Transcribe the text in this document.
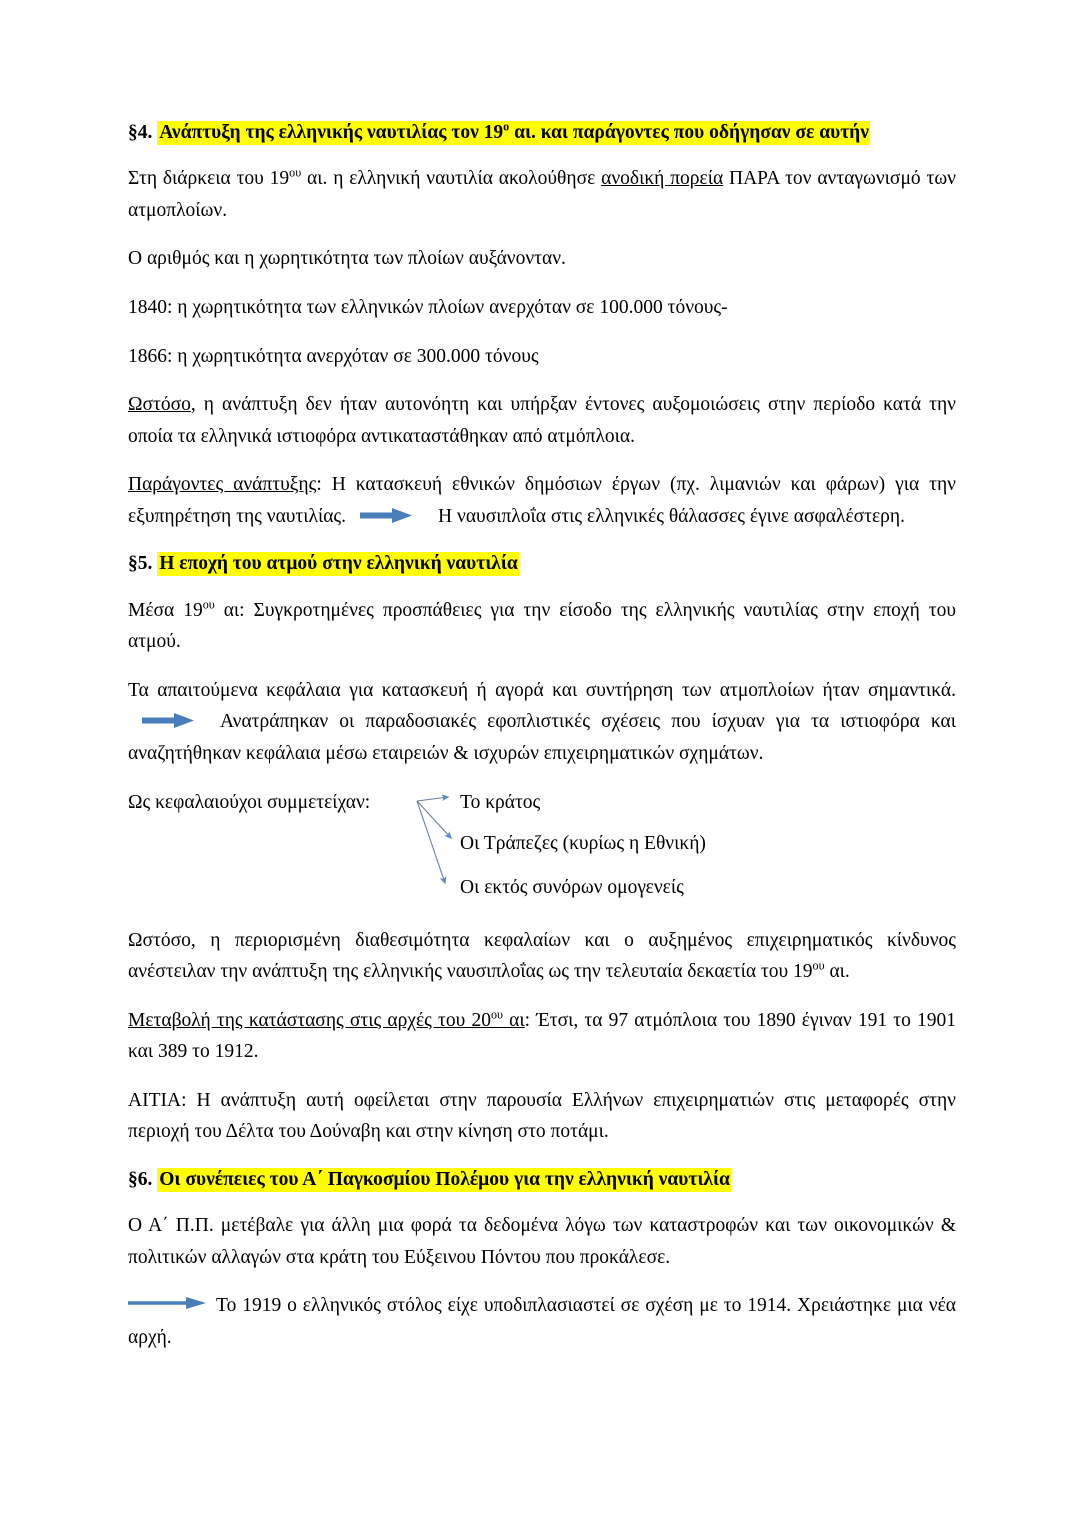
§4. Ανάπτυξη της ελληνικής ναυτιλίας τον $19^o$ αι. και παράγοντες που οδήγησαν σε αυτήν

Στη διάρκεια του $19^{o\upsilon}$ αι. η ελληνική ναυτιλία ακολούθησε ανοδική πορεία ΠΑΡΑ τον ανταγωνισμό των ατμοπλοίων.

Ο αριθμός και η χωρητικότητα των πλοίων αυξάνονταν.

1840: η χωρητικότητα των ελληνικών πλοίων ανερχόταν σε 100.000 τόνους-

1866: η χωρητικότητα ανερχόταν σε 300.000 τόνους

Ωστόσο, η ανάπτυξη δεν ήταν αυτονόητη και υπήρξαν έντονες αυξομοιώσεις στην περίοδο κατά την οποία τα ελληνικά ιστιοφόρα αντικαταστάθηκαν από ατμόπλοια.

Παράγοντες ανάπτυξης: Η κατασκευή εθνικών δημόσιων έργων (πχ. λιμανιών και φάρων) για την εξυπηρέτηση της ναυτιλίας.	Η ναυσιπλοΐα στις ελληνικές θάλασσες έγινε ασφαλέστερη.

§5. Η εποχή του ατμού στην ελληνική ναυτιλία

Μέσα $19^{o\upsilon}$ αι: Συγκροτημένες προσπάθειες για την είσοδο της ελληνικής ναυτιλίας στην εποχή του ατμού.

Τα απαιτούμενα κεφάλαια για κατασκευή ή αγορά και συντήρηση των ατμοπλοίων ήταν σημαντικά.
Ανατράπηκαν οι παραδοσιακές εφοπλιστικές σχέσεις που ίσχυαν για τα ιστιοφόρα και αναζητήθηκαν κεφάλαια μέσω εταιρειών & ισχυρών επιχειρηματικών σχημάτων.

Ως κεφαλαιούχοι συμμετείχαν:	Το κράτος
Οι Τράπεζες (κυρίως η Εθνική)
Οι εκτός συνόρων ομογενείς

Ωστόσο, η περιορισμένη διαθεσιμότητα κεφαλαίων και ο αυξημένος επιχειρηματικός κίνδυνος ανέστειλαν την ανάπτυξη της ελληνικής ναυσιπλοΐας ως την τελευταία δεκαετία του $19^{o\upsilon}$ αι.

Μεταβολή της κατάστασης στις αρχές του $20^{o\upsilon}$ αι: Έτσι, τα 97 ατμόπλοια του 1890 έγιναν 191 το 1901 και 389 το 1912.

ΑΙΤΙΑ: Η ανάπτυξη αυτή οφείλεται στην παρουσία Ελλήνων επιχειρηματιών στις μεταφορές στην περιοχή του Δέλτα του Δούναβη και στην κίνηση στο ποτάμι.

§6. Οι συνέπειες του Α΄ Παγκοσμίου Πολέμου για την ελληνική ναυτιλία

Ο Α΄ Π.Π. μετέβαλε για άλλη μια φορά τα δεδομένα λόγω των καταστροφών και των οικονομικών & πολιτικών αλλαγών στα κράτη του Εύξεινου Πόντου που προκάλεσε.

Το 1919 ο ελληνικός στόλος είχε υποδιπλασιαστεί σε σχέση με το 1914. Χρειάστηκε μια νέα αρχή.
